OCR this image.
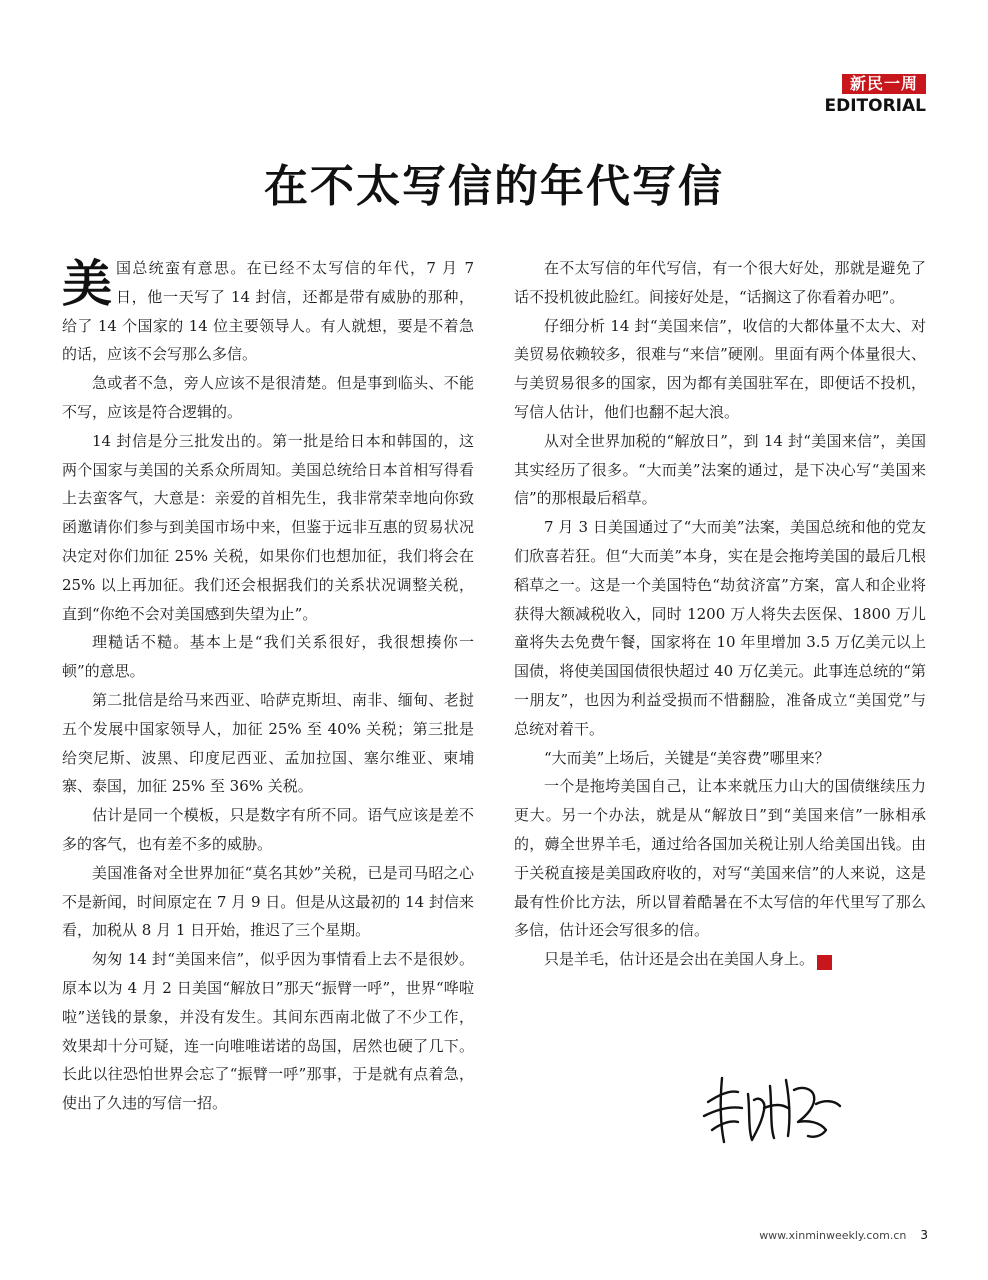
新民一周
EDITORIAL
在不太写信的年代写信

美国总统蛮有意思。在已经不太写信的年代，7 月 7 日，他一天写了 14 封信，还都是带有威胁的那种，给了 14 个国家的 14 位主要领导人。有人就想，要是不着急的话，应该不会写那么多信。

急或者不急，旁人应该不是很清楚。但是事到临头、不能不写，应该是符合逻辑的。

14 封信是分三批发出的。第一批是给日本和韩国的，这两个国家与美国的关系众所周知。美国总统给日本首相写得看上去蛮客气，大意是：亲爱的首相先生，我非常荣幸地向你致函邀请你们参与到美国市场中来，但鉴于远非互惠的贸易状况决定对你们加征 25% 关税，如果你们也想加征，我们将会在 25% 以上再加征。我们还会根据我们的关系状况调整关税，直到“你绝不会对美国感到失望为止”。

理糙话不糙。基本上是“我们关系很好，我很想揍你一顿”的意思。

第二批信是给马来西亚、哈萨克斯坦、南非、缅甸、老挝五个发展中国家领导人，加征 25% 至 40% 关税；第三批是给突尼斯、波黑、印度尼西亚、孟加拉国、塞尔维亚、柬埔寨、泰国，加征 25% 至 36% 关税。

估计是同一个模板，只是数字有所不同。语气应该是差不多的客气，也有差不多的威胁。

美国准备对全世界加征“莫名其妙”关税，已是司马昭之心不是新闻，时间原定在 7 月 9 日。但是从这最初的 14 封信来看，加税从 8 月 1 日开始，推迟了三个星期。

匆匆 14 封“美国来信”，似乎因为事情看上去不是很妙。原本以为 4 月 2 日美国“解放日”那天“振臂一呼”，世界“哗啦啦”送钱的景象，并没有发生。其间东西南北做了不少工作，效果却十分可疑，连一向唯唯诺诺的岛国，居然也硬了几下。长此以往恐怕世界会忘了“振臂一呼”那事，于是就有点着急，使出了久违的写信一招。

在不太写信的年代写信，有一个很大好处，那就是避免了话不投机彼此脸红。间接好处是，“话搁这了你看着办吧”。

仔细分析 14 封“美国来信”，收信的大都体量不太大、对美贸易依赖较多，很难与“来信”硬刚。里面有两个体量很大、与美贸易很多的国家，因为都有美国驻军在，即便话不投机，写信人估计，他们也翻不起大浪。

从对全世界加税的“解放日”，到 14 封“美国来信”，美国其实经历了很多。“大而美”法案的通过，是下决心写“美国来信”的那根最后稻草。

7 月 3 日美国通过了“大而美”法案，美国总统和他的党友们欣喜若狂。但“大而美”本身，实在是会拖垮美国的最后几根稻草之一。这是一个美国特色“劫贫济富”方案，富人和企业将获得大额减税收入，同时 1200 万人将失去医保、1800 万儿童将失去免费午餐，国家将在 10 年里增加 3.5 万亿美元以上国债，将使美国国债很快超过 40 万亿美元。此事连总统的“第一朋友”，也因为利益受损而不惜翻脸，准备成立“美国党”与总统对着干。

“大而美”上场后，关键是“美容费”哪里来？

一个是拖垮美国自己，让本来就压力山大的国债继续压力更大。另一个办法，就是从“解放日”到“美国来信”一脉相承的，薅全世界羊毛，通过给各国加关税让别人给美国出钱。由于关税直接是美国政府收的，对写“美国来信”的人来说，这是最有性价比方法，所以冒着酷暑在不太写信的年代里写了那么多信，估计还会写很多的信。

只是羊毛，估计还是会出在美国人身上。	民

www.xinminweekly.com.cn 3
